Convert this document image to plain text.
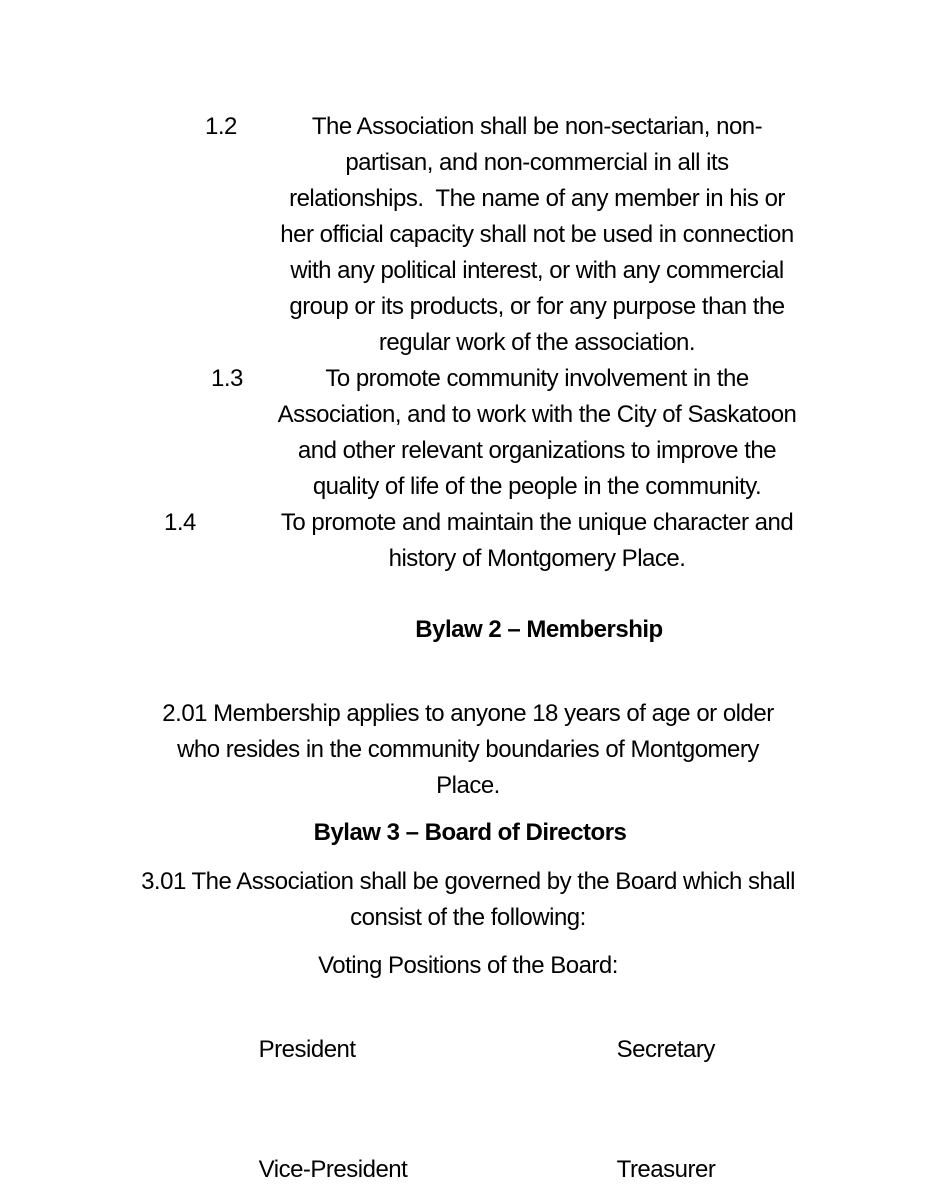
1.2	The Association shall be non-sectarian, non-
partisan, and non-commercial in all its
relationships.  The name of any member in his or
her official capacity shall not be used in connection
with any political interest, or with any commercial
group or its products, or for any purpose than the
regular work of the association.
1.3	To promote community involvement in the
Association, and to work with the City of Saskatoon
and other relevant organizations to improve the
quality of life of the people in the community.
1.4	To promote and maintain the unique character and
history of Montgomery Place.
Bylaw 2 – Membership
2.01 Membership applies to anyone 18 years of age or older
who resides in the community boundaries of Montgomery
Place.
Bylaw 3 – Board of Directors
3.01 The Association shall be governed by the Board which shall
consist of the following:
Voting Positions of the Board:

President	Secretary

Vice-President	Treasurer
